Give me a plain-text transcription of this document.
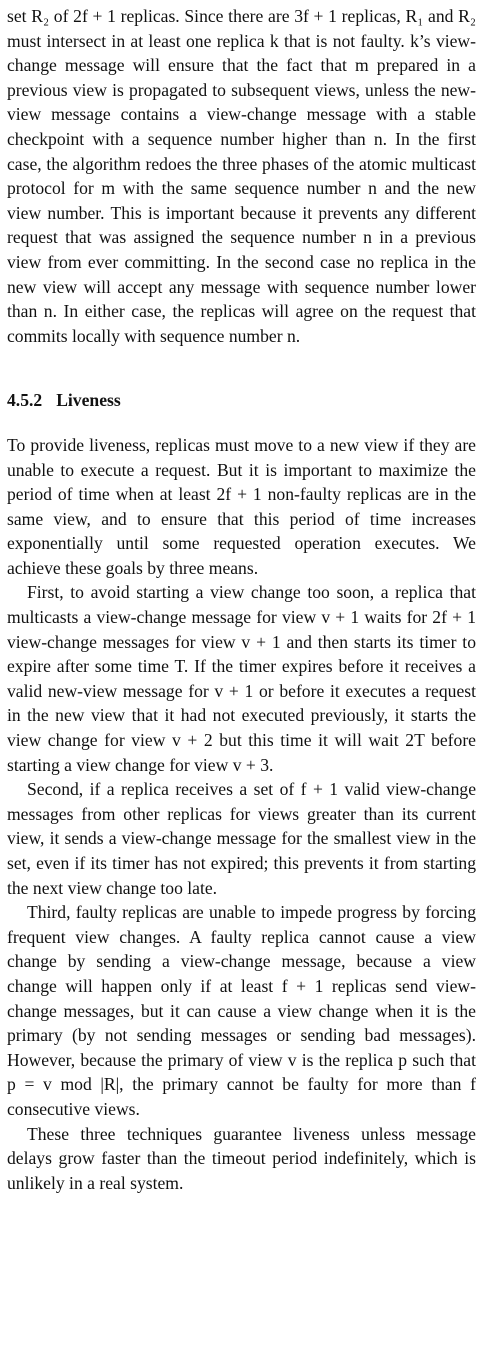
set R₂ of 2f + 1 replicas. Since there are 3f + 1 replicas, R₁ and R₂ must intersect in at least one replica k that is not faulty. k’s view-change message will ensure that the fact that m prepared in a previous view is propagated to subsequent views, unless the new-view message contains a view-change message with a stable checkpoint with a sequence number higher than n. In the first case, the algorithm redoes the three phases of the atomic multicast protocol for m with the same sequence number n and the new view number. This is important because it prevents any different request that was assigned the sequence number n in a previous view from ever committing. In the second case no replica in the new view will accept any message with sequence number lower than n. In either case, the replicas will agree on the request that commits locally with sequence number n.

4.5.2 Liveness

To provide liveness, replicas must move to a new view if they are unable to execute a request. But it is important to maximize the period of time when at least 2f + 1 non-faulty replicas are in the same view, and to ensure that this period of time increases exponentially until some requested operation executes. We achieve these goals by three means.

First, to avoid starting a view change too soon, a replica that multicasts a view-change message for view v + 1 waits for 2f + 1 view-change messages for view v + 1 and then starts its timer to expire after some time T. If the timer expires before it receives a valid new-view message for v + 1 or before it executes a request in the new view that it had not executed previously, it starts the view change for view v + 2 but this time it will wait 2T before starting a view change for view v + 3.

Second, if a replica receives a set of f + 1 valid view-change messages from other replicas for views greater than its current view, it sends a view-change message for the smallest view in the set, even if its timer has not expired; this prevents it from starting the next view change too late.

Third, faulty replicas are unable to impede progress by forcing frequent view changes. A faulty replica cannot cause a view change by sending a view-change message, because a view change will happen only if at least f + 1 replicas send view-change messages, but it can cause a view change when it is the primary (by not sending messages or sending bad messages). However, because the primary of view v is the replica p such that p = v mod |R|, the primary cannot be faulty for more than f consecutive views.

These three techniques guarantee liveness unless message delays grow faster than the timeout period indefinitely, which is unlikely in a real system.
